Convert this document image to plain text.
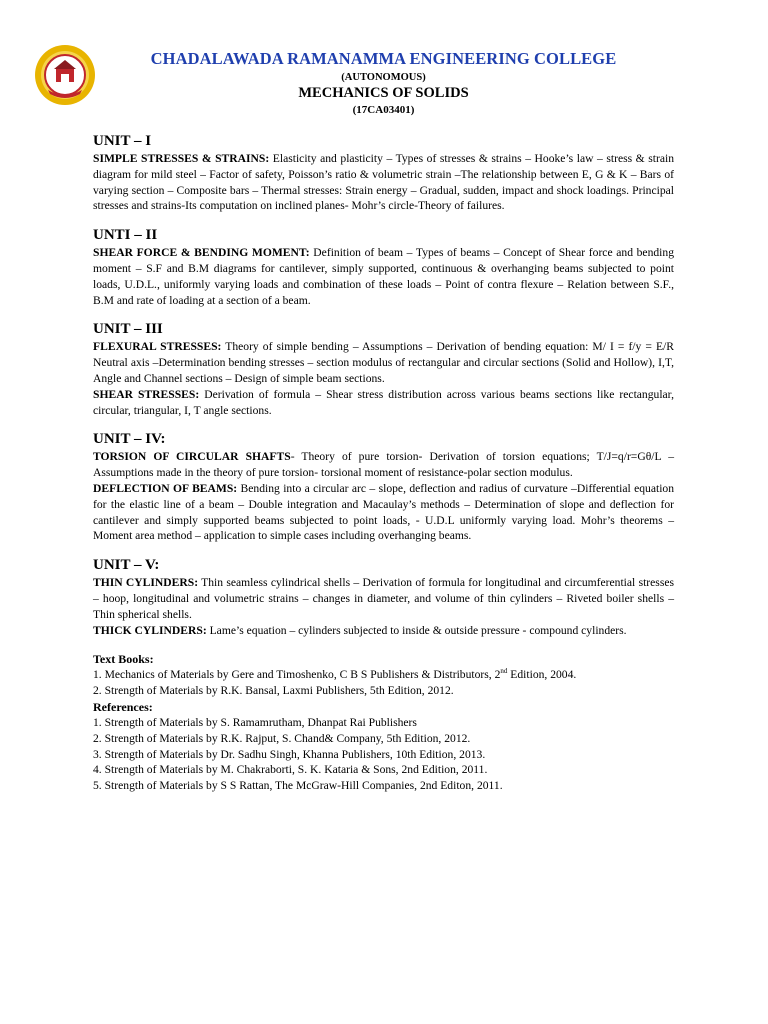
CHADALAWADA RAMANAMMA ENGINEERING COLLEGE
(AUTONOMOUS)
MECHANICS OF SOLIDS
(17CA03401)
UNIT – I

SIMPLE STRESSES & STRAINS: Elasticity and plasticity – Types of stresses & strains – Hooke’s law – stress & strain diagram for mild steel – Factor of safety, Poisson’s ratio & volumetric strain –The relationship between E, G & K – Bars of varying section – Composite bars – Thermal stresses: Strain energy – Gradual, sudden, impact and shock loadings. Principal stresses and strains-Its computation on inclined planes- Mohr’s circle-Theory of failures.

UNTI – II

SHEAR FORCE & BENDING MOMENT: Definition of beam – Types of beams – Concept of Shear force and bending moment – S.F and B.M diagrams for cantilever, simply supported, continuous & overhanging beams subjected to point loads, U.D.L., uniformly varying loads and combination of these loads – Point of contra flexure – Relation between S.F., B.M and rate of loading at a section of a beam.

UNIT – III

FLEXURAL STRESSES: Theory of simple bending – Assumptions – Derivation of bending equation: M/ I = f/y = E/R Neutral axis –Determination bending stresses – section modulus of rectangular and circular sections (Solid and Hollow), I,T, Angle and Channel sections – Design of simple beam sections.

SHEAR STRESSES: Derivation of formula – Shear stress distribution across various beams sections like rectangular, circular, triangular, I, T angle sections.

UNIT – IV:

TORSION OF CIRCULAR SHAFTS- Theory of pure torsion- Derivation of torsion equations; T/J=q/r=Gθ/L – Assumptions made in the theory of pure torsion- torsional moment of resistance-polar section modulus.

DEFLECTION OF BEAMS: Bending into a circular arc – slope, deflection and radius of curvature –Differential equation for the elastic line of a beam – Double integration and Macaulay’s methods – Determination of slope and deflection for cantilever and simply supported beams subjected to point loads, - U.D.L uniformly varying load. Mohr’s theorems – Moment area method – application to simple cases including overhanging beams.

UNIT – V:

THIN CYLINDERS: Thin seamless cylindrical shells – Derivation of formula for longitudinal and circumferential stresses – hoop, longitudinal and volumetric strains – changes in diameter, and volume of thin cylinders – Riveted boiler shells – Thin spherical shells.

THICK CYLINDERS: Lame’s equation – cylinders subjected to inside & outside pressure - compound cylinders.

Text Books:

1. Mechanics of Materials by Gere and Timoshenko, C B S Publishers & Distributors, 2nd Edition, 2004.

2. Strength of Materials by R.K. Bansal, Laxmi Publishers, 5th Edition, 2012.

References:

1. Strength of Materials by S. Ramamrutham, Dhanpat Rai Publishers

2. Strength of Materials by R.K. Rajput, S. Chand& Company, 5th Edition, 2012.

3. Strength of Materials by Dr. Sadhu Singh, Khanna Publishers, 10th Edition, 2013.

4. Strength of Materials by M. Chakraborti, S. K. Kataria & Sons, 2nd Edition, 2011.

5. Strength of Materials by S S Rattan, The McGraw-Hill Companies, 2nd Editon, 2011.
